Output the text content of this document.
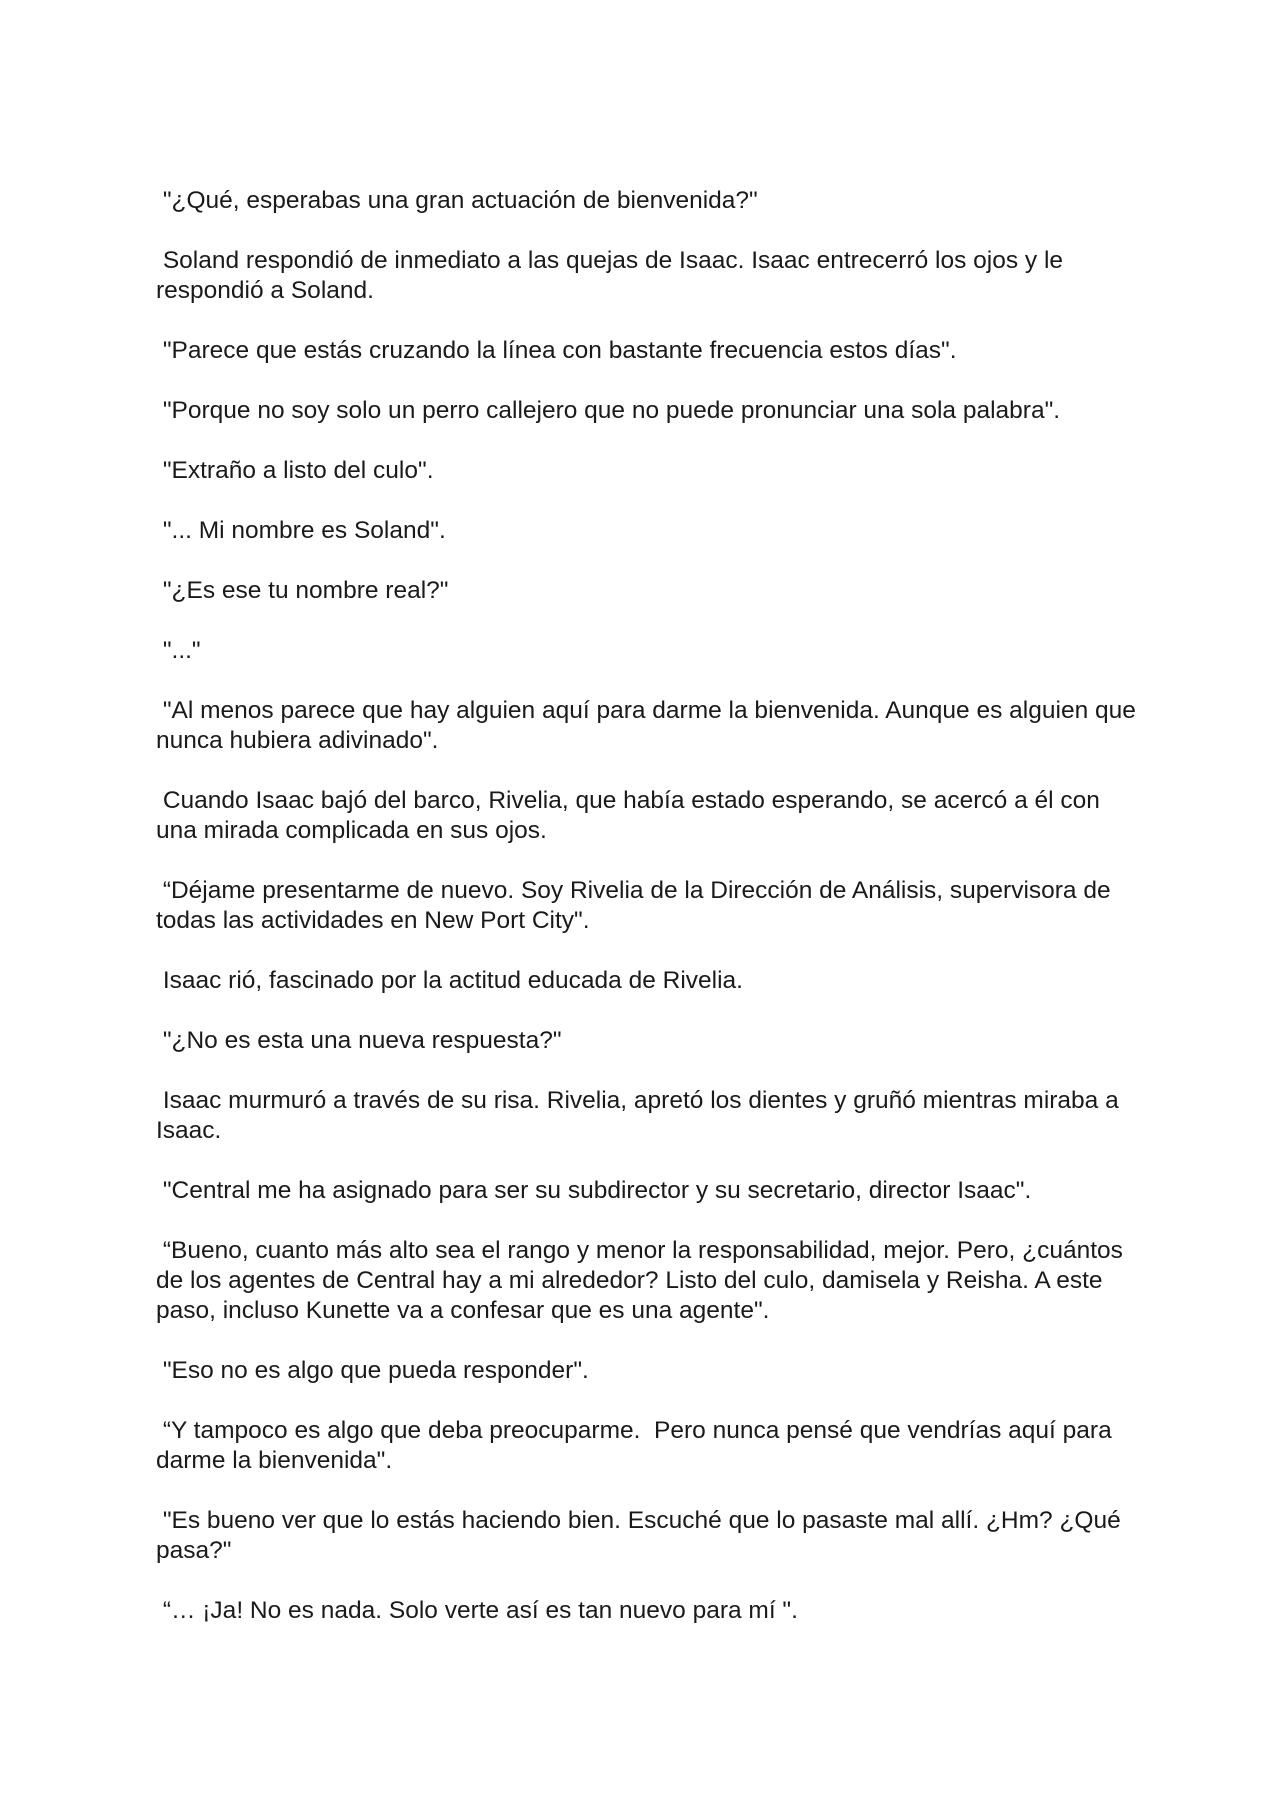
"¿Qué, esperabas una gran actuación de bienvenida?"

Soland respondió de inmediato a las quejas de Isaac. Isaac entrecerró los ojos y le respondió a Soland.

"Parece que estás cruzando la línea con bastante frecuencia estos días".

"Porque no soy solo un perro callejero que no puede pronunciar una sola palabra".

"Extraño a listo del culo".

"... Mi nombre es Soland".

"¿Es ese tu nombre real?"

"..."

"Al menos parece que hay alguien aquí para darme la bienvenida. Aunque es alguien que nunca hubiera adivinado".

Cuando Isaac bajó del barco, Rivelia, que había estado esperando, se acercó a él con una mirada complicada en sus ojos.

“Déjame presentarme de nuevo. Soy Rivelia de la Dirección de Análisis, supervisora de todas las actividades en New Port City".

Isaac rió, fascinado por la actitud educada de Rivelia.

"¿No es esta una nueva respuesta?"

Isaac murmuró a través de su risa. Rivelia, apretó los dientes y gruñó mientras miraba a Isaac.

"Central me ha asignado para ser su subdirector y su secretario, director Isaac".

“Bueno, cuanto más alto sea el rango y menor la responsabilidad, mejor. Pero, ¿cuántos de los agentes de Central hay a mi alrededor? Listo del culo, damisela y Reisha. A este paso, incluso Kunette va a confesar que es una agente".

"Eso no es algo que pueda responder".

“Y tampoco es algo que deba preocuparme.  Pero nunca pensé que vendrías aquí para darme la bienvenida".

"Es bueno ver que lo estás haciendo bien. Escuché que lo pasaste mal allí. ¿Hm? ¿Qué pasa?"

“… ¡Ja! No es nada. Solo verte así es tan nuevo para mí ".
